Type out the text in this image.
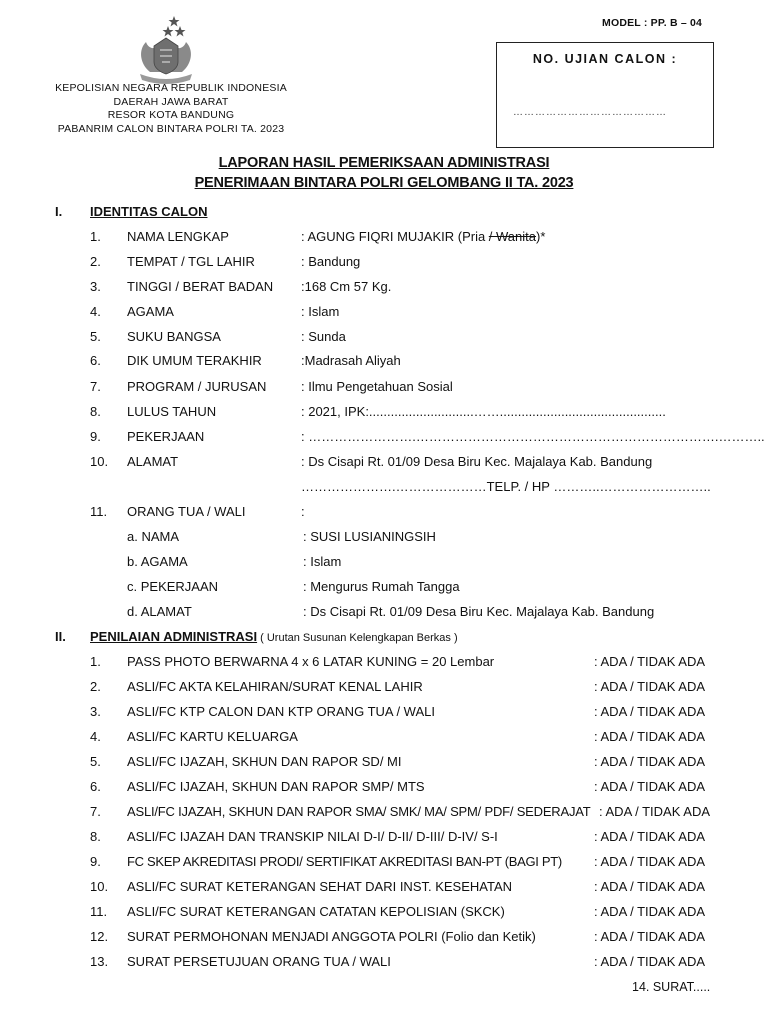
MODEL : PP. B – 04
NO. UJIAN CALON :
……………………………………
KEPOLISIAN NEGARA REPUBLIK INDONESIA
DAERAH JAWA BARAT
RESOR KOTA BANDUNG
PABANRIM CALON BINTARA POLRI TA. 2023
LAPORAN HASIL PEMERIKSAAN ADMINISTRASI
PENERIMAAN BINTARA POLRI GELOMBANG II TA. 2023
I. IDENTITAS CALON
1. NAMA LENGKAP	: AGUNG FIQRI MUJAKIR (Pria / Wanita)*
2. TEMPAT / TGL LAHIR	: Bandung
3. TINGGI / BERAT BADAN :168 Cm 57 Kg.
4. AGAMA	: Islam
5. SUKU BANGSA	: Sunda
6. DIK UMUM TERAKHIR	:Madrasah Aliyah
7. PROGRAM / JURUSAN	: Ilmu Pengetahuan Sosial
8. LULUS TAHUN	: 2021, IPK:.............................……..............................................
9. PEKERJAAN	: …………………….…………………………………………………………….………..
10. ALAMAT	: Ds Cisapi Rt. 01/09 Desa Biru Kec. Majalaya Kab. Bandung
………………….…………………TELP. / HP ………..……………………..
11. ORANG TUA / WALI	:
a. NAMA	: SUSI LUSIANINGSIH
b. AGAMA	: Islam
c. PEKERJAAN	: Mengurus Rumah Tangga
d. ALAMAT	: Ds Cisapi Rt. 01/09 Desa Biru Kec. Majalaya Kab. Bandung
II. PENILAIAN ADMINISTRASI ( Urutan Susunan Kelengkapan Berkas )
1. PASS PHOTO BERWARNA 4 x 6 LATAR KUNING = 20 Lembar	: ADA / TIDAK ADA
2. ASLI/FC AKTA KELAHIRAN/SURAT KENAL LAHIR	: ADA / TIDAK ADA
3. ASLI/FC KTP CALON DAN KTP ORANG TUA / WALI	: ADA / TIDAK ADA
4. ASLI/FC KARTU KELUARGA	: ADA / TIDAK ADA
5. ASLI/FC IJAZAH, SKHUN DAN RAPOR SD/ MI	: ADA / TIDAK ADA
6. ASLI/FC IJAZAH, SKHUN DAN RAPOR SMP/ MTS	: ADA / TIDAK ADA
7. ASLI/FC IJAZAH, SKHUN DAN RAPOR SMA/ SMK/ MA/ SPM/ PDF/ SEDERAJAT : ADA / TIDAK ADA
8. ASLI/FC IJAZAH DAN TRANSKIP NILAI D-I/ D-II/ D-III/ D-IV/ S-I	: ADA / TIDAK ADA
9. FC SKEP AKREDITASI PRODI/ SERTIFIKAT AKREDITASI BAN-PT (BAGI PT) : ADA / TIDAK ADA
10. ASLI/FC SURAT KETERANGAN SEHAT DARI INST. KESEHATAN	: ADA / TIDAK ADA
11. ASLI/FC SURAT KETERANGAN CATATAN KEPOLISIAN (SKCK)	: ADA / TIDAK ADA
12. SURAT PERMOHONAN MENJADI ANGGOTA POLRI (Folio dan Ketik)	: ADA / TIDAK ADA
13. SURAT PERSETUJUAN ORANG TUA / WALI	: ADA / TIDAK ADA
14. SURAT.....
